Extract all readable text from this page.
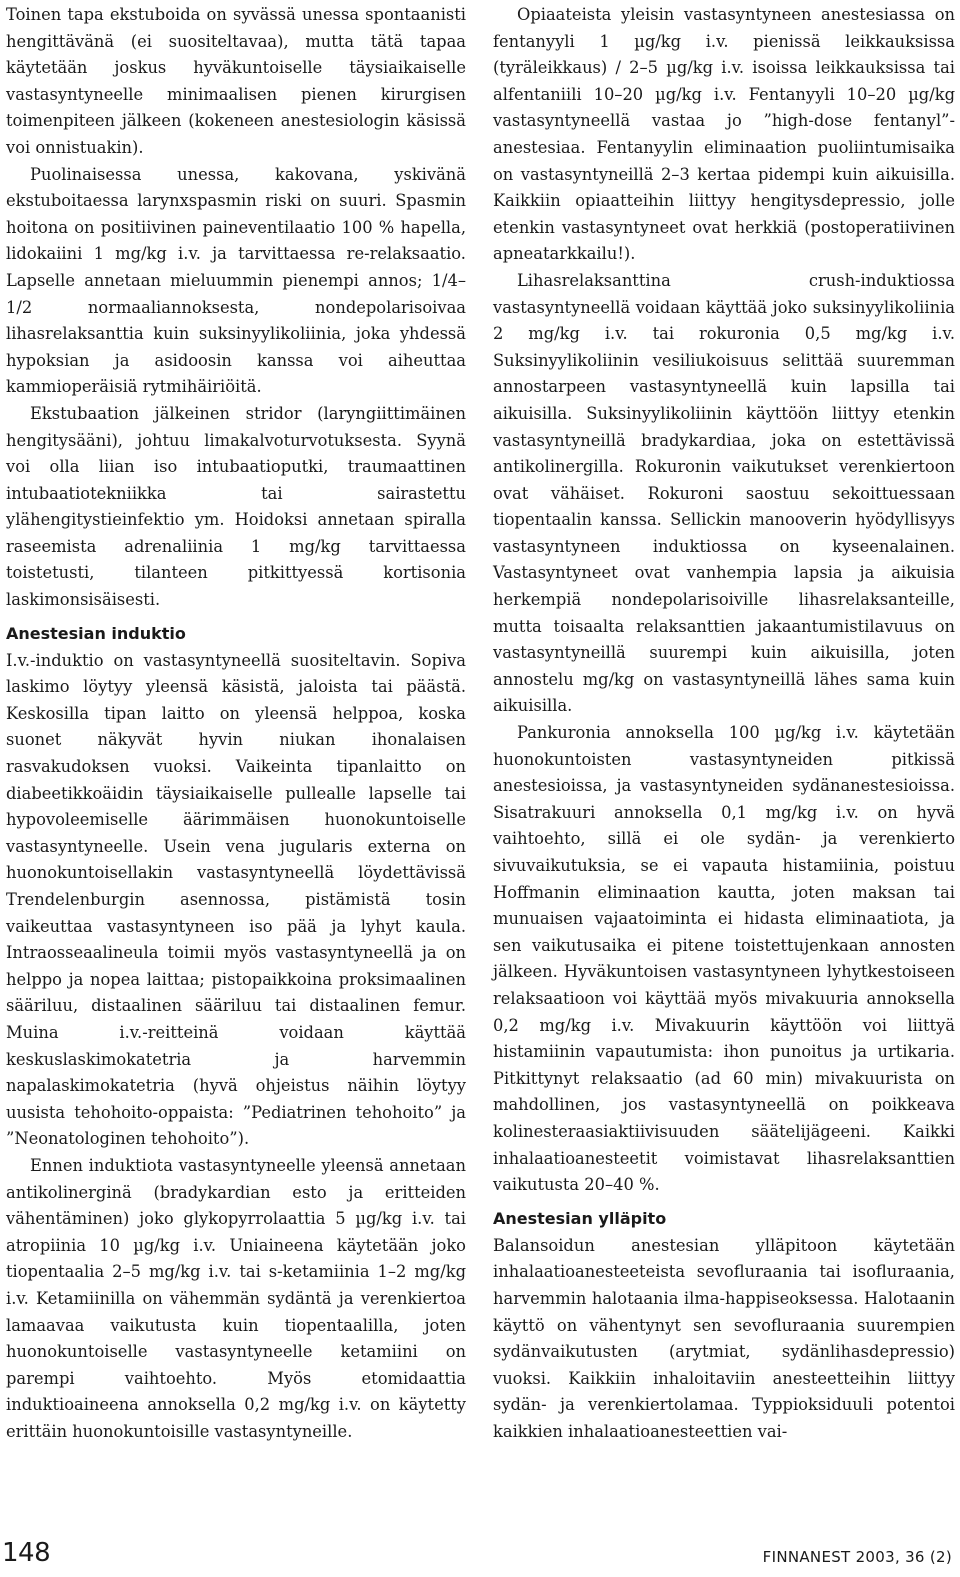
Toinen tapa ekstuboida on syvässä unessa spontaanisti hengittävänä (ei suositeltavaa), mutta tätä tapaa käytetään joskus hyväkuntoiselle täysiaikaiselle vastasyntyneelle minimaalisen pienen kirurgisen toimenpiteen jälkeen (kokeneen anestesiologin käsissä voi onnistuakin).

Puolinaisessa unessa, kakovana, yskivänä ekstuboitaessa larynxspasmin riski on suuri. Spasmin hoitona on positiivinen paineventilaatio 100 % hapella, lidokaiini 1 mg/kg i.v. ja tarvittaessa re-relaksaatio. Lapselle annetaan mieluummin pienempi annos; 1/4–1/2 normaaliannoksesta, nondepolarisoivaa lihasrelaksanttia kuin suksinyylikoliinia, joka yhdessä hypoksian ja asidoosin kanssa voi aiheuttaa kammioperäisiä rytmihäiriöitä.

Ekstubaation jälkeinen stridor (laryngiittimäinen hengitysääni), johtuu limakalvoturvotuksesta. Syynä voi olla liian iso intubaatioputki, traumaattinen intubaatiotekniikka tai sairastettu ylähengitystieinfektio ym. Hoidoksi annetaan spiralla raseemista adrenaliinia 1 mg/kg tarvittaessa toistetusti, tilanteen pitkittyessä kortisonia laskimonsisäisesti.

Anestesian induktio

I.v.-induktio on vastasyntyneellä suositeltavin. Sopiva laskimo löytyy yleensä käsistä, jaloista tai päästä. Keskosilla tipan laitto on yleensä helppoa, koska suonet näkyvät hyvin niukan ihonalaisen rasvakudoksen vuoksi. Vaikeinta tipanlaitto on diabeetikkoäidin täysiaikaiselle pullealle lapselle tai hypovoleemiselle äärimmäisen huonokuntoiselle vastasyntyneelle. Usein vena jugularis externa on huonokuntoisellakin vastasyntyneellä löydettävissä Trendelenburgin asennossa, pistämistä tosin vaikeuttaa vastasyntyneen iso pää ja lyhyt kaula. Intraosseaalineula toimii myös vastasyntyneellä ja on helppo ja nopea laittaa; pistopaikkoina proksimaalinen sääriluu, distaalinen sääriluu tai distaalinen femur. Muina i.v.-reitteinä voidaan käyttää keskuslaskimokatetria ja harvemmin napalaskimokatetria (hyvä ohjeistus näihin löytyy uusista tehohoito-oppaista: ”Pediatrinen tehohoito” ja ”Neonatologinen tehohoito”).

Ennen induktiota vastasyntyneelle yleensä annetaan antikolinerginä (bradykardian esto ja eritteiden vähentäminen) joko glykopyrrolaattia 5 µg/kg i.v. tai atropiinia 10 µg/kg i.v. Uniaineena käytetään joko tiopentaalia 2–5 mg/kg i.v. tai s-ketamiinia 1–2 mg/kg i.v. Ketamiinilla on vähemmän sydäntä ja verenkiertoa lamaavaa vaikutusta kuin tiopentaalilla, joten huonokuntoiselle vastasyntyneelle ketamiini on parempi vaihtoehto. Myös etomidaattia induktioaineena annoksella 0,2 mg/kg i.v. on käytetty erittäin huonokuntoisille vastasyntyneille.

Opiaateista yleisin vastasyntyneen anestesiassa on fentanyyli 1 µg/kg i.v. pienissä leikkauksissa (tyräleikkaus) / 2–5 µg/kg i.v. isoissa leikkauksissa tai alfentaniili 10–20 µg/kg i.v. Fentanyyli 10–20 µg/kg vastasyntyneellä vastaa jo ”high-dose fentanyl”-anestesiaa. Fentanyylin eliminaation puoliintumisaika on vastasyntyneillä 2–3 kertaa pidempi kuin aikuisilla. Kaikkiin opiaatteihin liittyy hengitysdepressio, jolle etenkin vastasyntyneet ovat herkkiä (postoperatiivinen apneatarkkailu!).

Lihasrelaksanttina crush-induktiossa vastasyntyneellä voidaan käyttää joko suksinyylikoliinia 2 mg/kg i.v. tai rokuronia 0,5 mg/kg i.v. Suksinyylikoliinin vesiliukoisuus selittää suuremman annostarpeen vastasyntyneellä kuin lapsilla tai aikuisilla. Suksinyylikoliinin käyttöön liittyy etenkin vastasyntyneillä bradykardiaa, joka on estettävissä antikolinergilla. Rokuronin vaikutukset verenkiertoon ovat vähäiset. Rokuroni saostuu sekoittuessaan tiopentaalin kanssa. Sellickin manooverin hyödyllisyys vastasyntyneen induktiossa on kyseenalainen. Vastasyntyneet ovat vanhempia lapsia ja aikuisia herkempiä nondepolarisoiville lihasrelaksanteille, mutta toisaalta relaksanttien jakaantumistilavuus on vastasyntyneillä suurempi kuin aikuisilla, joten annostelu mg/kg on vastasyntyneillä lähes sama kuin aikuisilla.

Pankuronia annoksella 100 µg/kg i.v. käytetään huonokuntoisten vastasyntyneiden pitkissä anestesioissa, ja vastasyntyneiden sydänanestesioissa. Sisatrakuuri annoksella 0,1 mg/kg i.v. on hyvä vaihtoehto, sillä ei ole sydän- ja verenkierto sivuvaikutuksia, se ei vapauta histamiinia, poistuu Hoffmanin eliminaation kautta, joten maksan tai munuaisen vajaatoiminta ei hidasta eliminaatiota, ja sen vaikutusaika ei pitene toistettujenkaan annosten jälkeen. Hyväkuntoisen vastasyntyneen lyhytkestoiseen relaksaatioon voi käyttää myös mivakuuria annoksella 0,2 mg/kg i.v. Mivakuurin käyttöön voi liittyä histamiinin vapautumista: ihon punoitus ja urtikaria. Pitkittynyt relaksaatio (ad 60 min) mivakuurista on mahdollinen, jos vastasyntyneellä on poikkeava kolinesteraasiaktiivisuuden säätelijägeeni. Kaikki inhalaatioanesteetit voimistavat lihasrelaksanttien vaikutusta 20–40 %.

Anestesian ylläpito

Balansoidun anestesian ylläpitoon käytetään inhalaatioanesteeteista sevofluraania tai isofluraania, harvemmin halotaania ilma-happiseoksessa. Halotaanin käyttö on vähentynyt sen sevofluraania suurempien sydänvaikutusten (arytmiat, sydänlihasdepressio) vuoksi. Kaikkiin inhaloitaviin anesteetteihin liittyy sydän- ja verenkiertolamaa. Typpioksiduuli potentoi kaikkien inhalaatioanesteettien vai-

148	FINNANEST 2003, 36 (2)
